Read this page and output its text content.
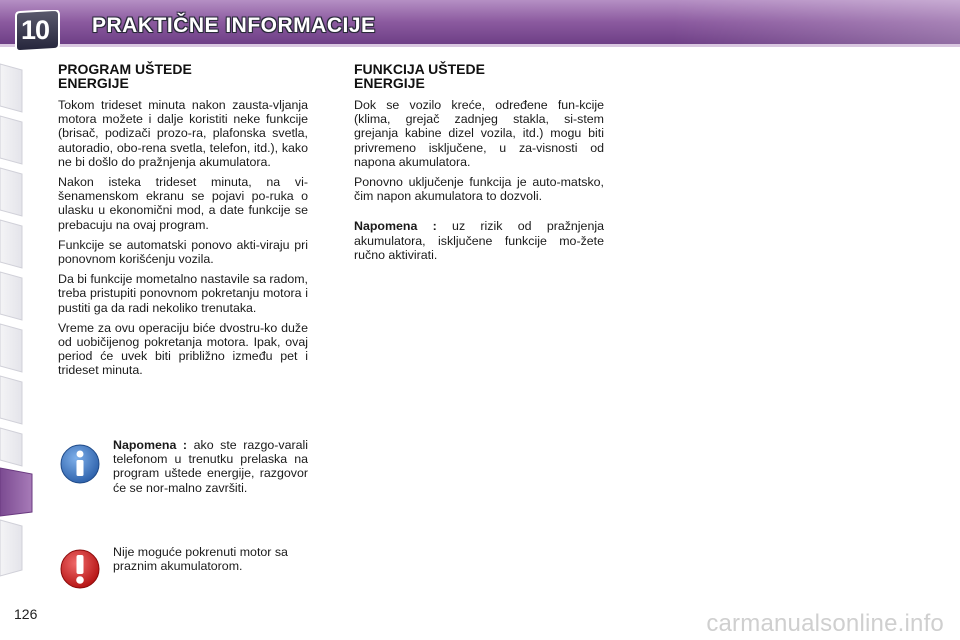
10 PRAKTIČNE INFORMACIJE
PROGRAM UŠTEDE
ENERGIJE

Tokom trideset minuta nakon zausta-vljanja motora možete i dalje koristiti neke funkcije (brisač, podizači prozo-ra, plafonska svetla, autoradio, obo-rena svetla, telefon, itd.), kako ne bi došlo do pražnjenja akumulatora.

Nakon isteka trideset minuta, na vi-šenamenskom ekranu se pojavi po-ruka o ulasku u ekonomični mod, a date funkcije se prebacuju na ovaj program.

Funkcije se automatski ponovo akti-viraju pri ponovnom korišćenju vozila.

Da bi funkcije mometalno nastavile sa radom, treba pristupiti ponovnom pokretanju motora i pustiti ga da radi nekoliko trenutaka.

Vreme za ovu operaciju biće dvostru-ko duže od uobičijenog pokretanja motora. Ipak, ovaj period će uvek biti približno između pet i trideset minuta.

FUNKCIJA UŠTEDE
ENERGIJE

Dok se vozilo kreće, određene fun-kcije (klima, grejač zadnjeg stakla, si-stem grejanja kabine dizel vozila, itd.) mogu biti privremeno isključene, u za-visnosti od napona akumulatora.

Ponovno uključenje funkcija je auto-matsko, čim napon akumulatora to dozvoli.

Napomena : uz rizik od pražnjenja akumulatora, isključene funkcije mo-žete ručno aktivirati.

Napomena : ako ste razgo-varali telefonom u trenutku prelaska na program uštede energije, razgovor će se nor-malno završiti.
Nije moguće pokrenuti motor sa praznim akumulatorom.
126	carmanualsonline.info
